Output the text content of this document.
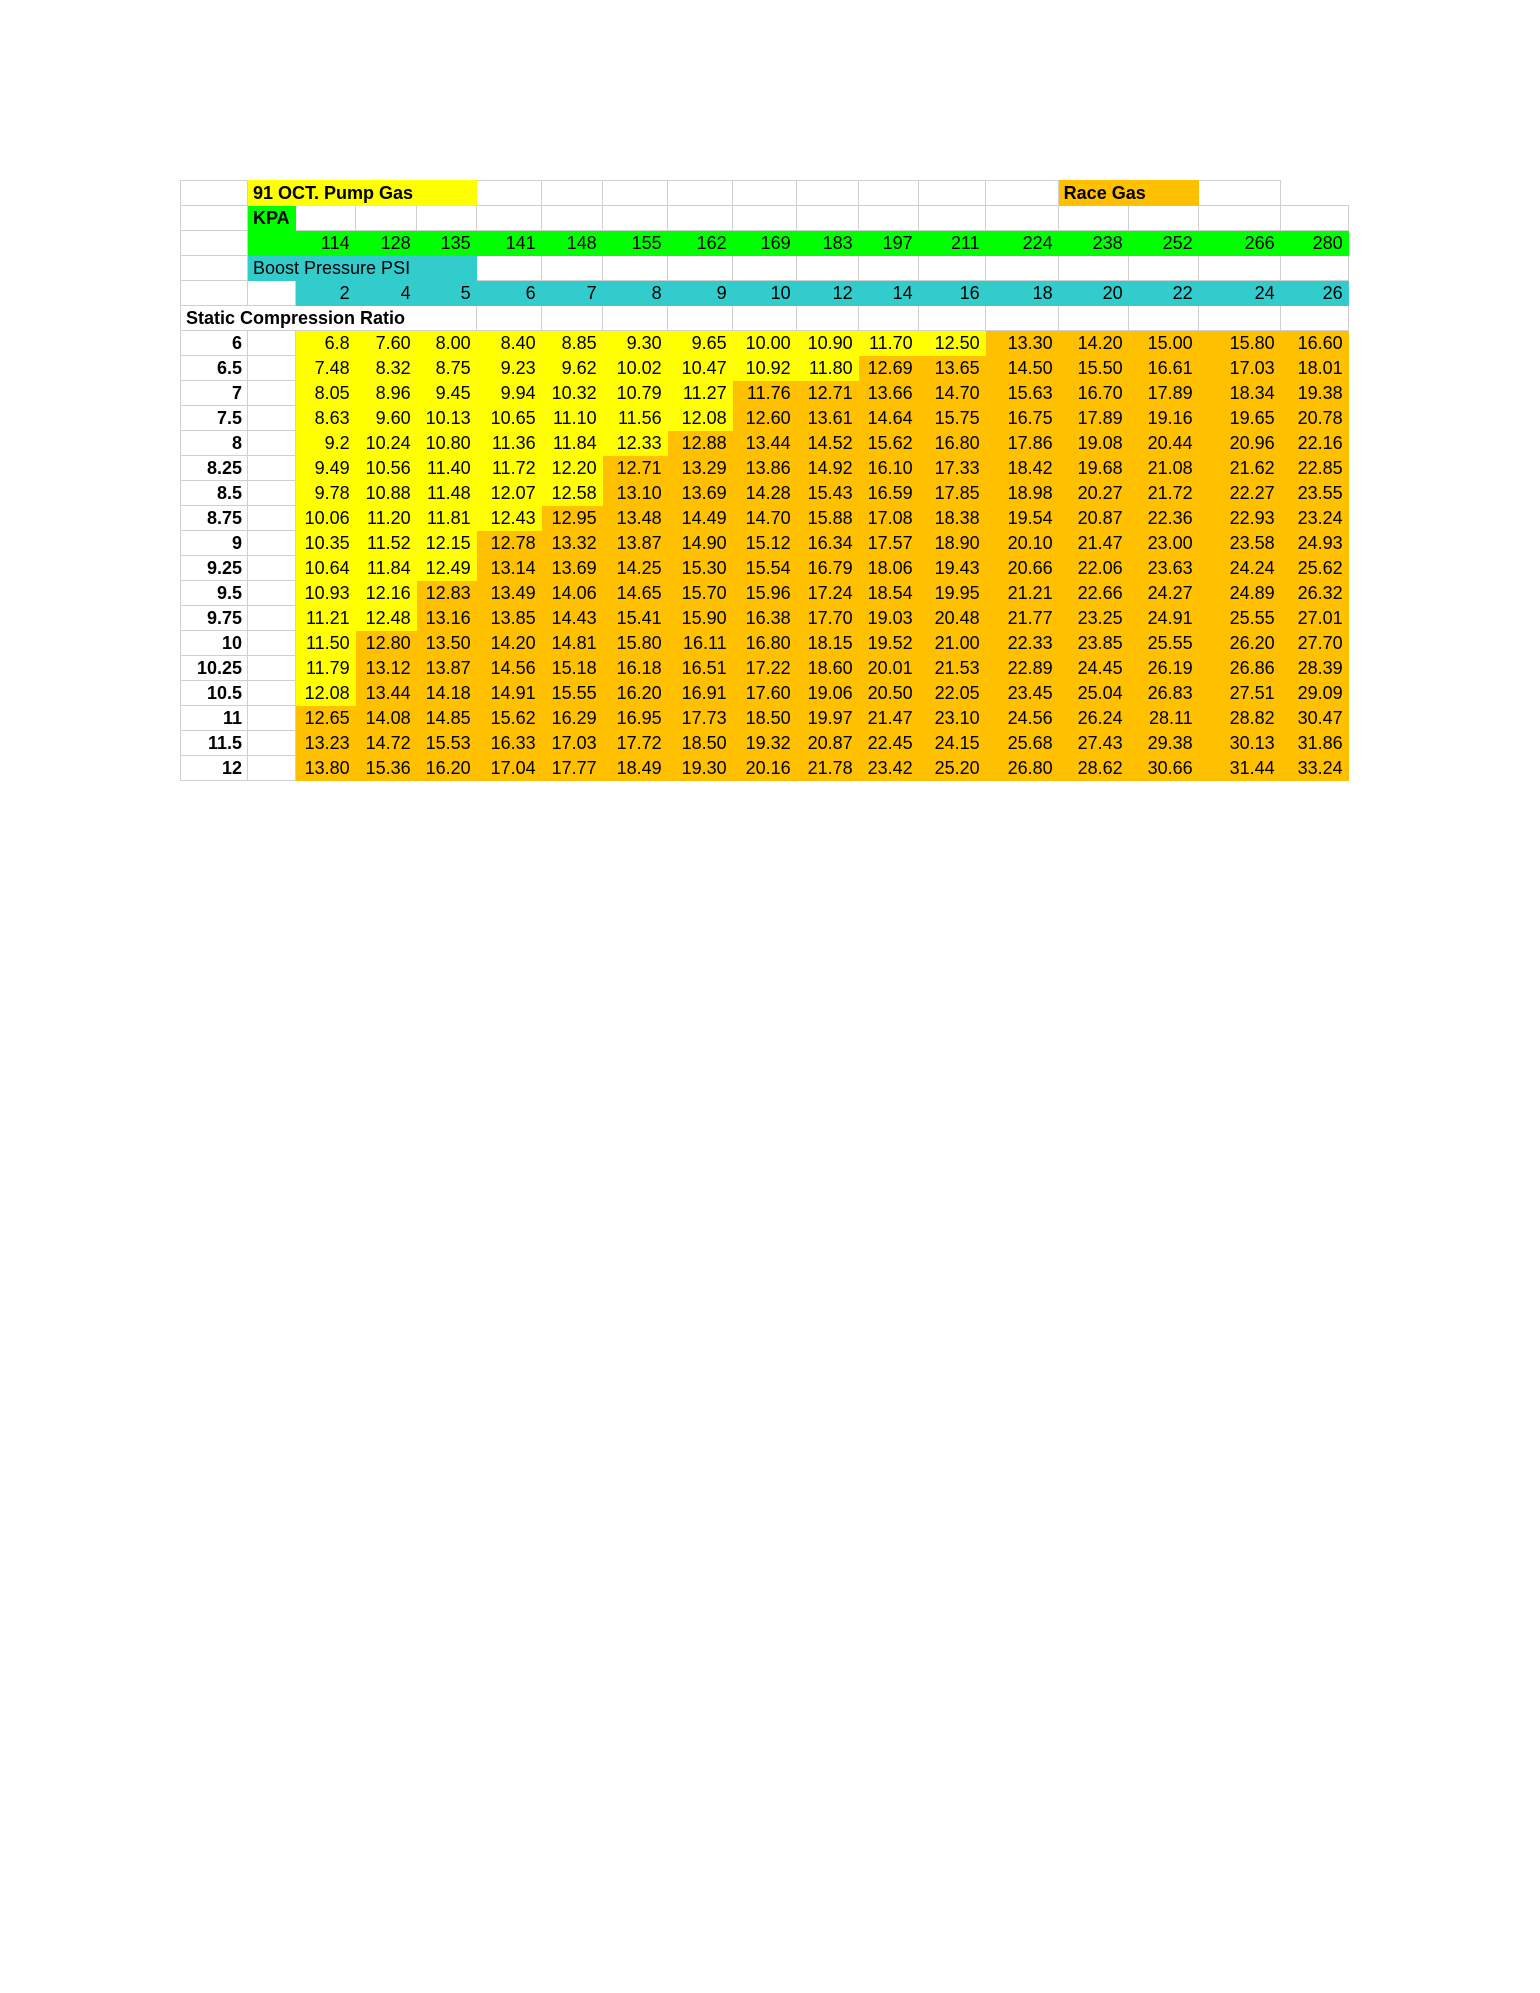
	91 OCT. Pump Gas													Race Gas			
	KPA																
		114	128	135	141	148	155	162	169	183	197	211	224	238	252	266	280
	Boost Pressure PSI																
		2	4	5	6	7	8	9	10	12	14	16	18	20	22	24	26
Static Compression Ratio																	
6		6.8	7.60	8.00	8.40	8.85	9.30	9.65	10.00	10.90	11.70	12.50	13.30	14.20	15.00	15.80	16.60
6.5		7.48	8.32	8.75	9.23	9.62	10.02	10.47	10.92	11.80	12.69	13.65	14.50	15.50	16.61	17.03	18.01
7		8.05	8.96	9.45	9.94	10.32	10.79	11.27	11.76	12.71	13.66	14.70	15.63	16.70	17.89	18.34	19.38
7.5		8.63	9.60	10.13	10.65	11.10	11.56	12.08	12.60	13.61	14.64	15.75	16.75	17.89	19.16	19.65	20.78
8		9.2	10.24	10.80	11.36	11.84	12.33	12.88	13.44	14.52	15.62	16.80	17.86	19.08	20.44	20.96	22.16
8.25		9.49	10.56	11.40	11.72	12.20	12.71	13.29	13.86	14.92	16.10	17.33	18.42	19.68	21.08	21.62	22.85
8.5		9.78	10.88	11.48	12.07	12.58	13.10	13.69	14.28	15.43	16.59	17.85	18.98	20.27	21.72	22.27	23.55
8.75		10.06	11.20	11.81	12.43	12.95	13.48	14.49	14.70	15.88	17.08	18.38	19.54	20.87	22.36	22.93	23.24
9		10.35	11.52	12.15	12.78	13.32	13.87	14.90	15.12	16.34	17.57	18.90	20.10	21.47	23.00	23.58	24.93
9.25		10.64	11.84	12.49	13.14	13.69	14.25	15.30	15.54	16.79	18.06	19.43	20.66	22.06	23.63	24.24	25.62
9.5		10.93	12.16	12.83	13.49	14.06	14.65	15.70	15.96	17.24	18.54	19.95	21.21	22.66	24.27	24.89	26.32
9.75		11.21	12.48	13.16	13.85	14.43	15.41	15.90	16.38	17.70	19.03	20.48	21.77	23.25	24.91	25.55	27.01
10		11.50	12.80	13.50	14.20	14.81	15.80	16.11	16.80	18.15	19.52	21.00	22.33	23.85	25.55	26.20	27.70
10.25		11.79	13.12	13.87	14.56	15.18	16.18	16.51	17.22	18.60	20.01	21.53	22.89	24.45	26.19	26.86	28.39
10.5		12.08	13.44	14.18	14.91	15.55	16.20	16.91	17.60	19.06	20.50	22.05	23.45	25.04	26.83	27.51	29.09
11		12.65	14.08	14.85	15.62	16.29	16.95	17.73	18.50	19.97	21.47	23.10	24.56	26.24	28.11	28.82	30.47
11.5		13.23	14.72	15.53	16.33	17.03	17.72	18.50	19.32	20.87	22.45	24.15	25.68	27.43	29.38	30.13	31.86
12		13.80	15.36	16.20	17.04	17.77	18.49	19.30	20.16	21.78	23.42	25.20	26.80	28.62	30.66	31.44	33.24
